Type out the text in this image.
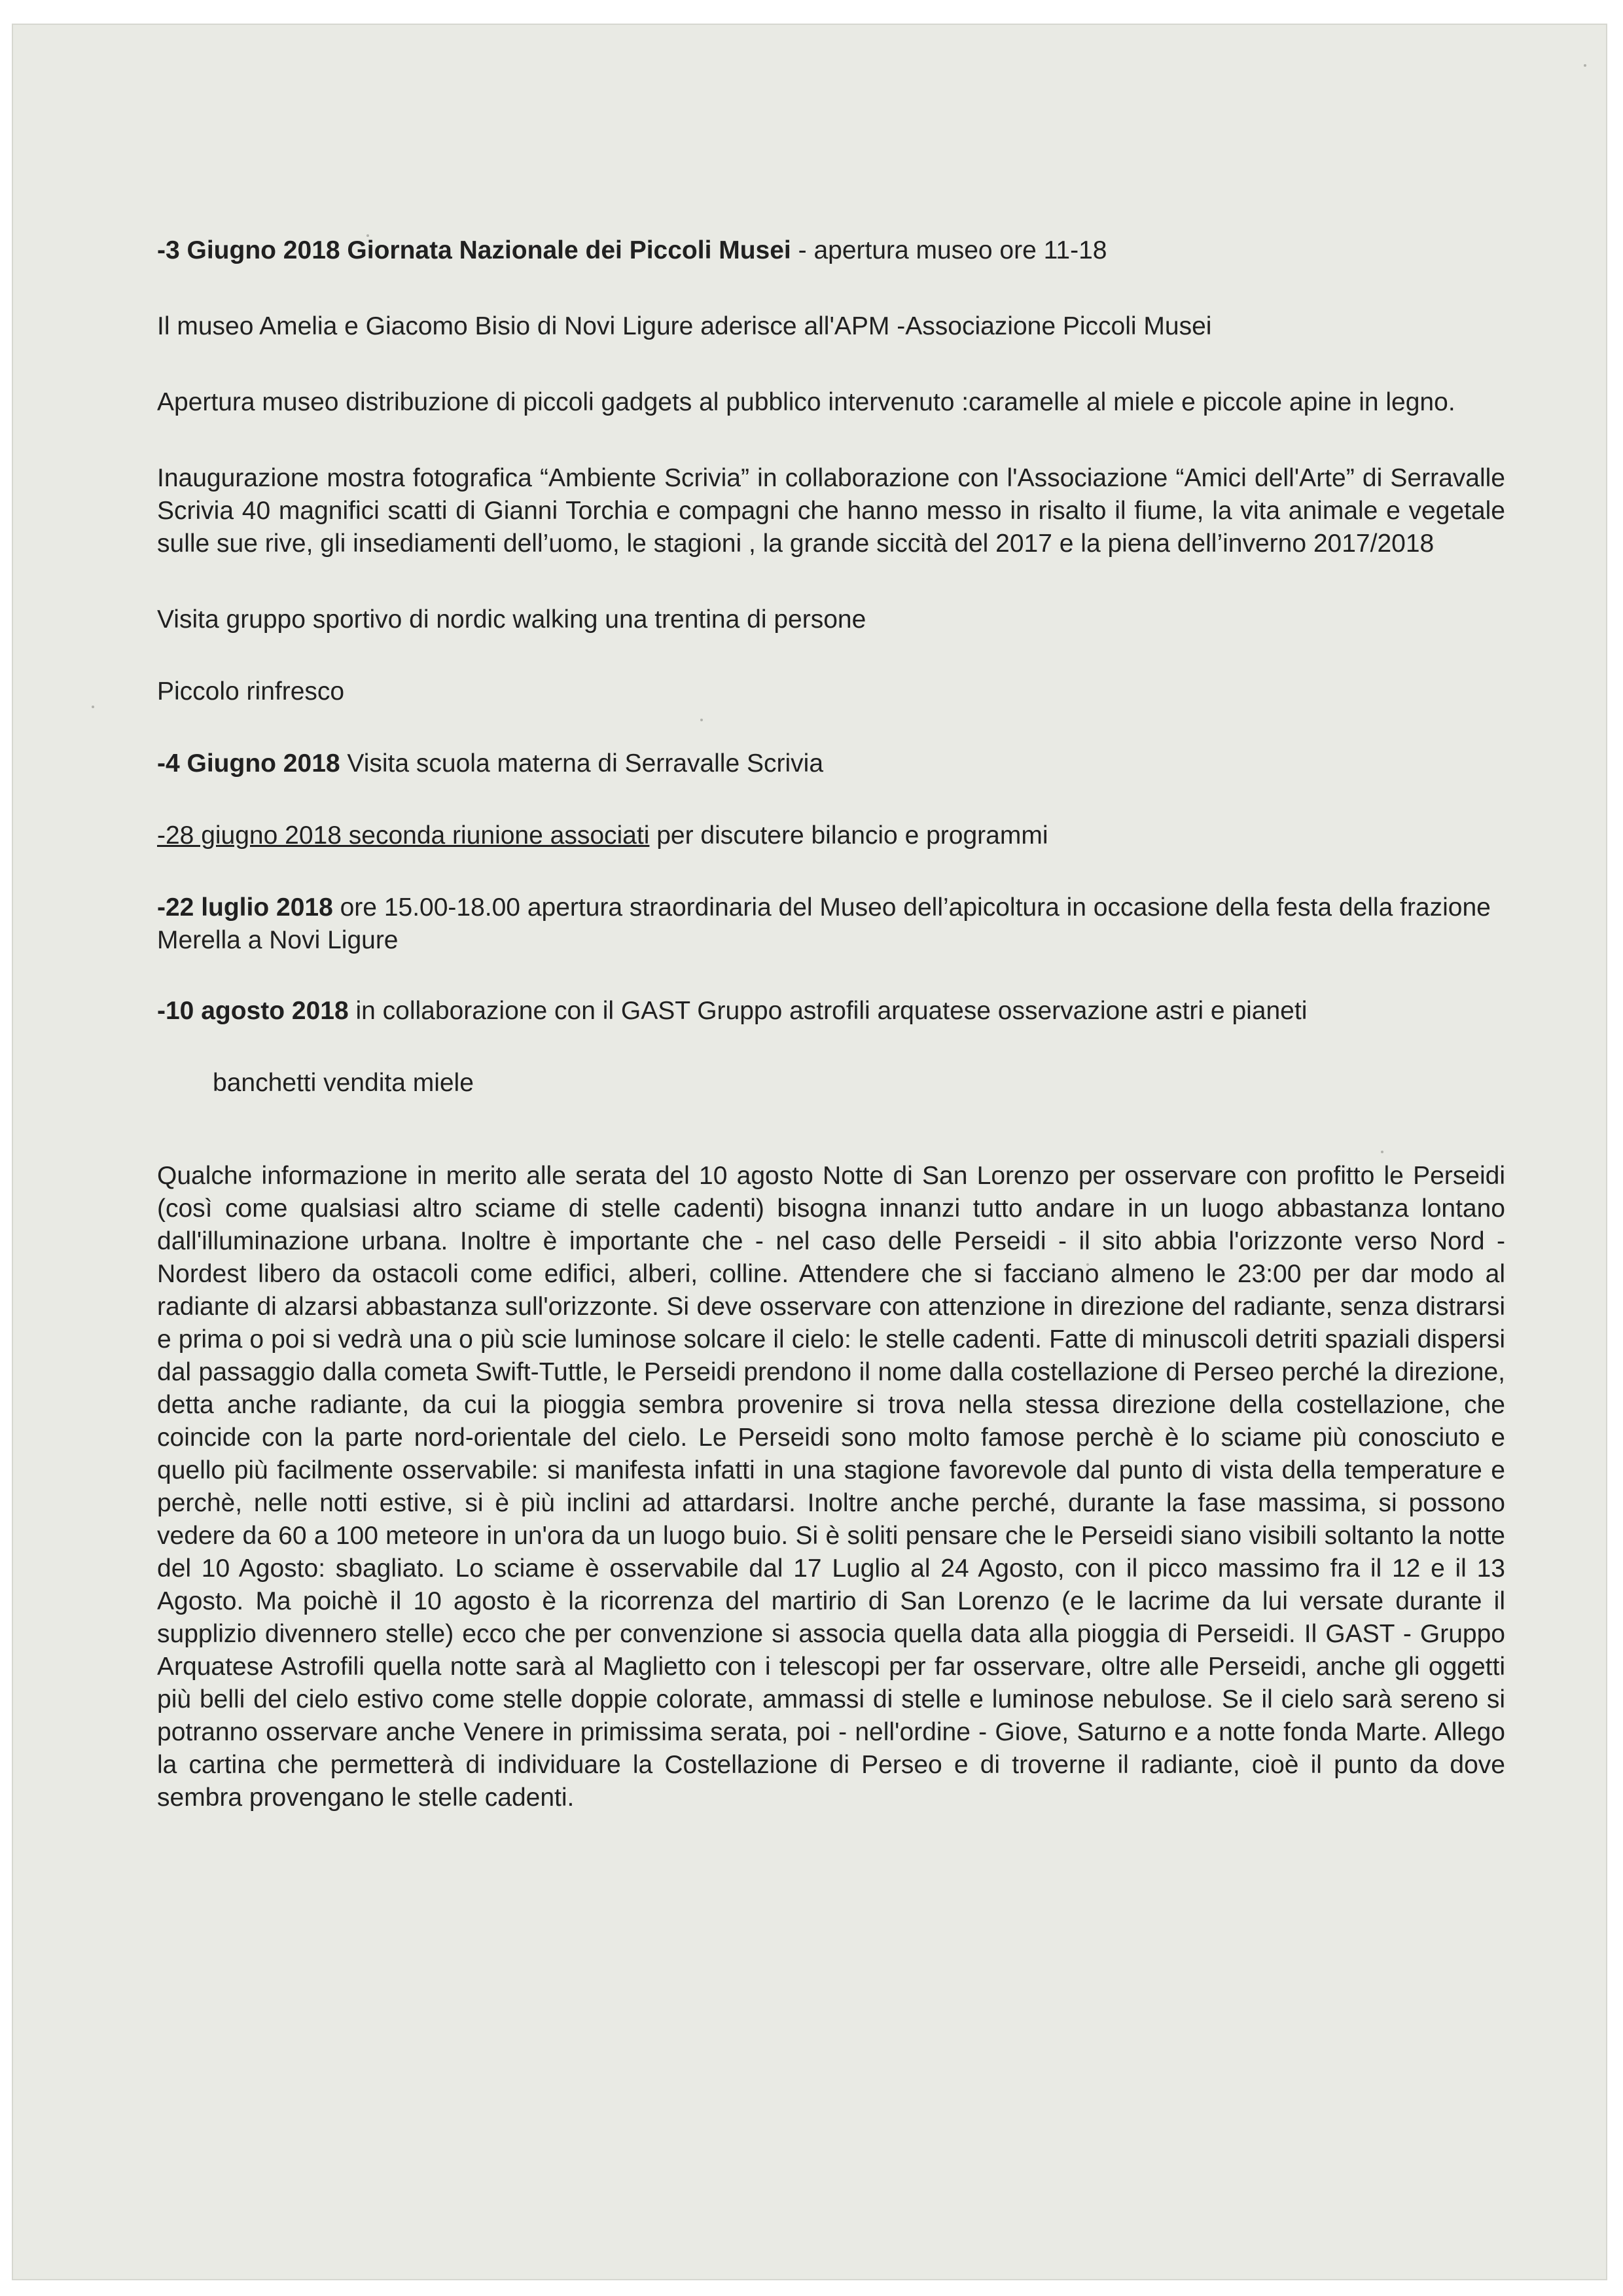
-3 Giugno 2018 Giornata Nazionale dei Piccoli Musei - apertura museo ore 11-18

Il museo Amelia e Giacomo Bisio di Novi Ligure aderisce all'APM -Associazione Piccoli Musei

Apertura museo distribuzione di piccoli gadgets al pubblico intervenuto :caramelle al miele e piccole apine in legno.

Inaugurazione mostra fotografica “Ambiente Scrivia” in collaborazione con l'Associazione “Amici dell'Arte” di Serravalle Scrivia 40 magnifici scatti di Gianni Torchia e compagni che hanno messo in risalto il fiume, la vita animale e vegetale sulle sue rive, gli insediamenti dell’uomo, le stagioni , la grande siccità del 2017 e la piena dell’inverno 2017/2018

Visita gruppo sportivo di nordic walking una trentina di persone

Piccolo rinfresco

-4 Giugno 2018 Visita scuola materna di Serravalle Scrivia

-28 giugno 2018 seconda riunione associati per discutere bilancio e programmi

-22 luglio 2018 ore 15.00-18.00 apertura straordinaria del Museo dell’apicoltura in occasione della festa della frazione Merella a Novi Ligure

-10 agosto 2018 in collaborazione con il GAST Gruppo astrofili arquatese osservazione astri e pianeti

banchetti vendita miele

Qualche informazione in merito alle serata del 10 agosto Notte di San Lorenzo per osservare con profitto le Perseidi (così come qualsiasi altro sciame di stelle cadenti) bisogna innanzi tutto andare in un luogo abbastanza lontano dall'illuminazione urbana. Inoltre è importante che - nel caso delle Perseidi - il sito abbia l'orizzonte verso Nord - Nordest libero da ostacoli come edifici, alberi, colline. Attendere che si facciano almeno le 23:00 per dar modo al radiante di alzarsi abbastanza sull'orizzonte. Si deve osservare con attenzione in direzione del radiante, senza distrarsi e prima o poi si vedrà una o più scie luminose solcare il cielo: le stelle cadenti. Fatte di minuscoli detriti spaziali dispersi dal passaggio dalla cometa Swift-Tuttle, le Perseidi prendono il nome dalla costellazione di Perseo perché la direzione, detta anche radiante, da cui la pioggia sembra provenire si trova nella stessa direzione della costellazione, che coincide con la parte nord-orientale del cielo. Le Perseidi sono molto famose perchè è lo sciame più conosciuto e quello più facilmente osservabile: si manifesta infatti in una stagione favorevole dal punto di vista della temperature e perchè, nelle notti estive, si è più inclini ad attardarsi. Inoltre anche perché, durante la fase massima, si possono vedere da 60 a 100 meteore in un'ora da un luogo buio. Si è soliti pensare che le Perseidi siano visibili soltanto la notte del 10 Agosto: sbagliato. Lo sciame è osservabile dal 17 Luglio al 24 Agosto, con il picco massimo fra il 12 e il 13 Agosto. Ma poichè il 10 agosto è la ricorrenza del martirio di San Lorenzo (e le lacrime da lui versate durante il supplizio divennero stelle) ecco che per convenzione si associa quella data alla pioggia di Perseidi. Il GAST - Gruppo Arquatese Astrofili quella notte sarà al Maglietto con i telescopi per far osservare, oltre alle Perseidi, anche gli oggetti più belli del cielo estivo come stelle doppie colorate, ammassi di stelle e luminose nebulose. Se il cielo sarà sereno si potranno osservare anche Venere in primissima serata, poi - nell'ordine - Giove, Saturno e a notte fonda Marte. Allego la cartina che permetterà di individuare la Costellazione di Perseo e di troverne il radiante, cioè il punto da dove sembra provengano le stelle cadenti.
